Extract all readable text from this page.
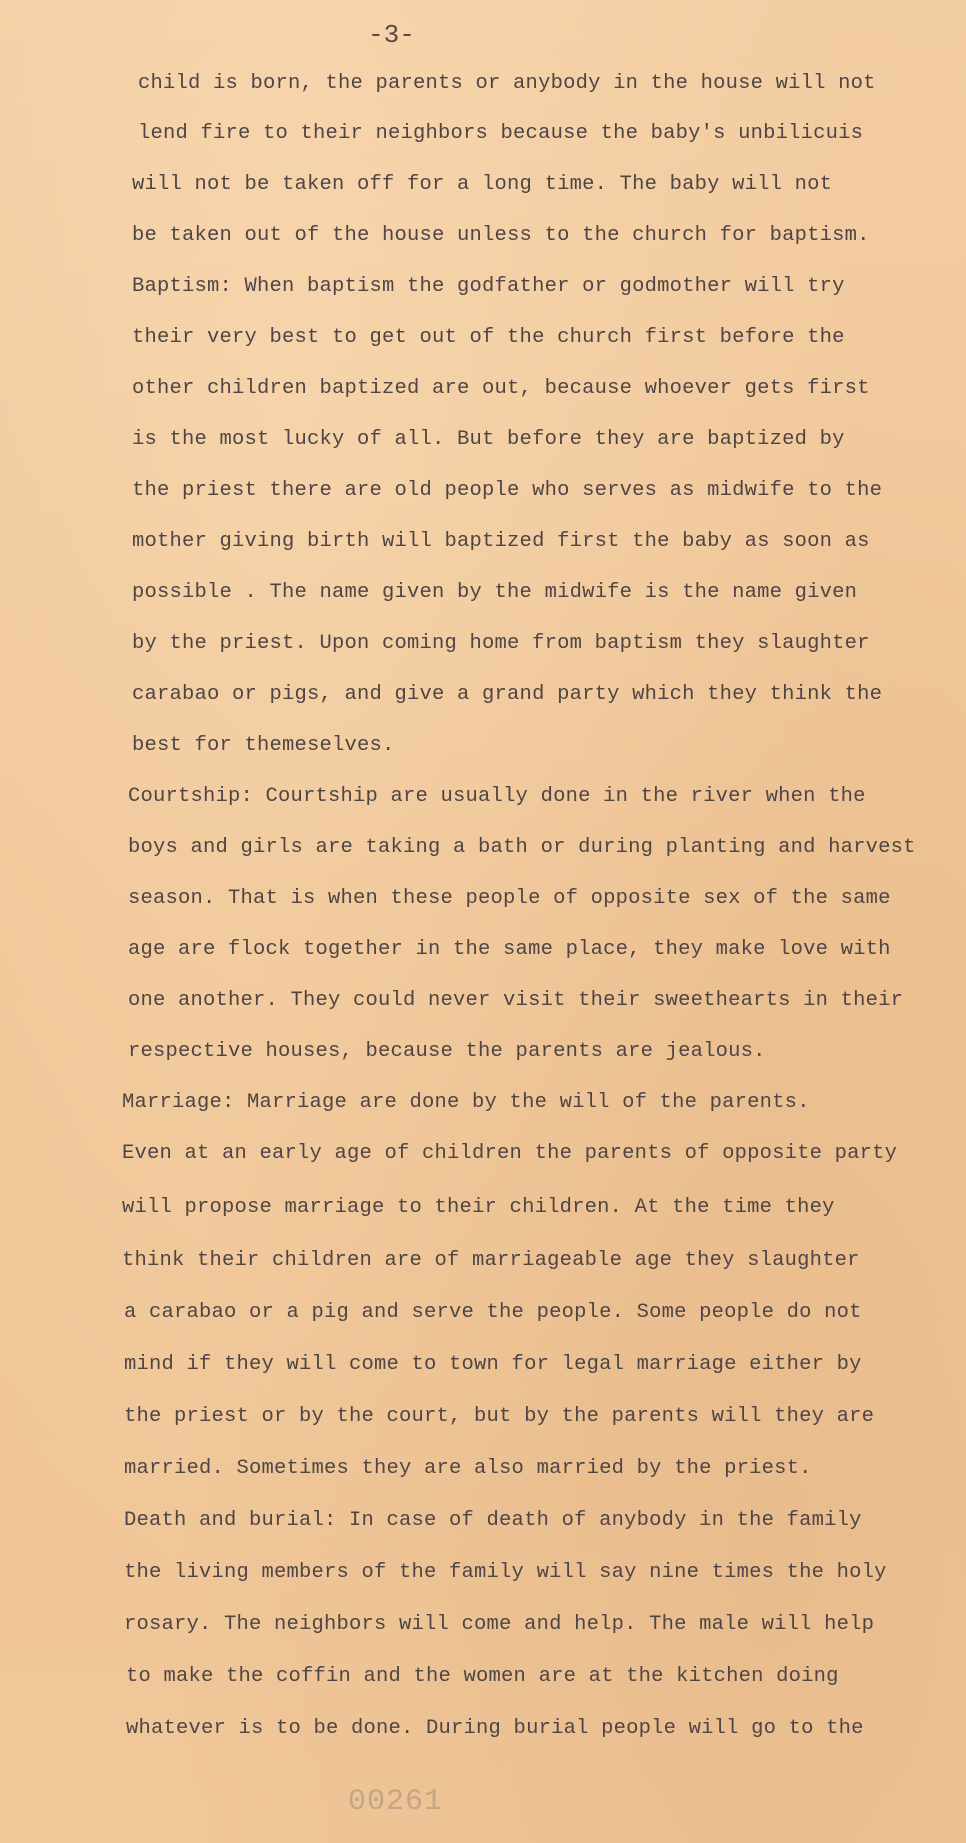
-3-
child is born, the parents or anybody in the house will not
lend fire to their neighbors because the baby's unbilicuis
will not be taken off for a long time. The baby will not
be taken out of the house unless to the church for baptism.
Baptism: When baptism the godfather or godmother will try
their very best to get out of the church first before the
other children baptized are out, because whoever gets first
is the most lucky of all. But before they are baptized by
the priest there are old people who serves as midwife to the
mother giving birth will baptized first the baby as soon as
possible . The name given by the midwife is the name given
by the priest. Upon coming home from baptism they slaughter
carabao or pigs, and give a grand party which they think the
best for themeselves.
Courtship: Courtship are usually done in the river when the
boys and girls are taking a bath or during planting and harvest
season. That is when these people of opposite sex of the same
age are flock together in the same place, they make love with
one another. They could never visit their sweethearts in their
respective houses, because the parents are jealous.
Marriage: Marriage are done by the will of the parents.
Even at an early age of children the parents of opposite party
will propose marriage to their children. At the time they
think their children are of marriageable age they slaughter
a carabao or a pig and serve the people. Some people do not
mind if they will come to town for legal marriage either by
the priest or by the court, but by the parents will they are
married. Sometimes they are also married by the priest.
Death and burial: In case of death of anybody in the family
the living members of the family will say nine times the holy
rosary. The neighbors will come and help. The male will help
to make the coffin and the women are at the kitchen doing
whatever is to be done. During burial people will go to the
00261
